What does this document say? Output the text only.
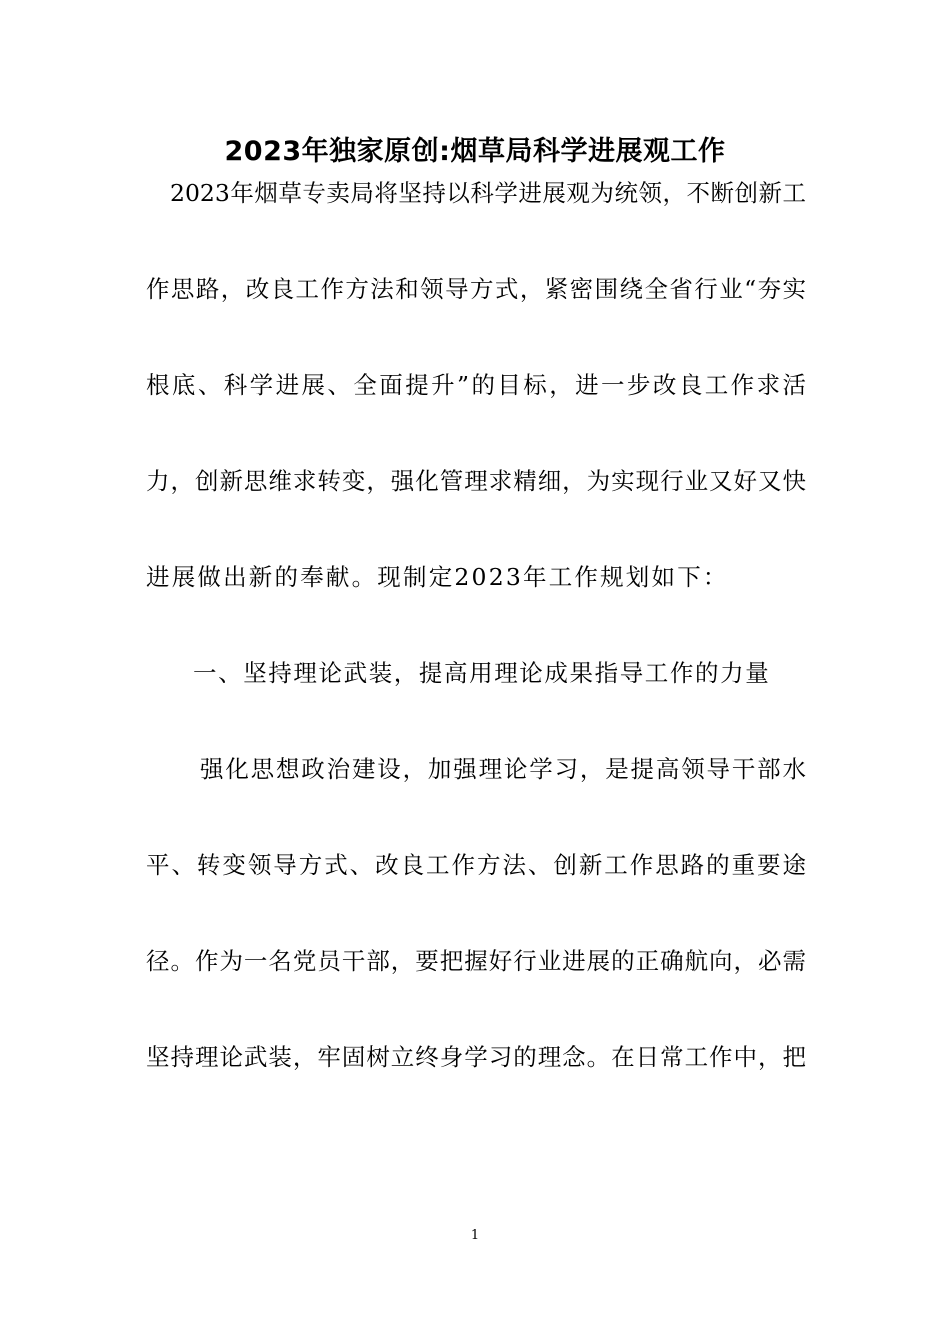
2023年独家原创:烟草局科学进展观工作
2023年烟草专卖局将坚持以科学进展观为统领，不断创新工
作思路，改良工作方法和领导方式，紧密围绕全省行业“夯实
根底、科学进展、全面提升”的目标，进一步改良工作求活
力，创新思维求转变，强化管理求精细，为实现行业又好又快
进展做出新的奉献。现制定2023年工作规划如下：
一、坚持理论武装，提高用理论成果指导工作的力量
强化思想政治建设，加强理论学习，是提高领导干部水
平、转变领导方式、改良工作方法、创新工作思路的重要途
径。作为一名党员干部，要把握好行业进展的正确航向，必需
坚持理论武装，牢固树立终身学习的理念。在日常工作中，把
1
